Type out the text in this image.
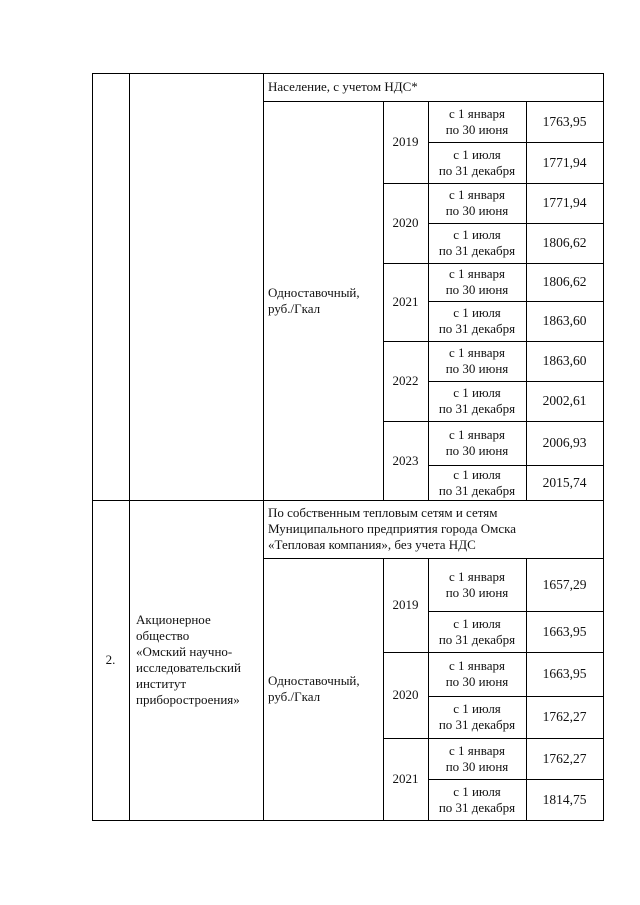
Население, с учетом НДС*
Одноставочный,
руб./Гкал
2019
с 1 января
по 30 июня
1763,95
с 1 июля
по 31 декабря
1771,94
2020
с 1 января
по 30 июня
1771,94
с 1 июля
по 31 декабря
1806,62
2021
с 1 января
по 30 июня
1806,62
с 1 июля
по 31 декабря
1863,60
2022
с 1 января
по 30 июня
1863,60
с 1 июля
по 31 декабря
2002,61
2023
с 1 января
по 30 июня
2006,93
с 1 июля
по 31 декабря
2015,74
2.
Акционерное
общество
«Омский научно-
исследовательский
институт
приборостроения»
По собственным тепловым сетям и сетям
Муниципального предприятия города Омска
«Тепловая компания», без учета НДС
Одноставочный,
руб./Гкал
2019
с 1 января
по 30 июня
1657,29
с 1 июля
по 31 декабря
1663,95
2020
с 1 января
по 30 июня
1663,95
с 1 июля
по 31 декабря
1762,27
2021
с 1 января
по 30 июня
1762,27
с 1 июля
по 31 декабря
1814,75
